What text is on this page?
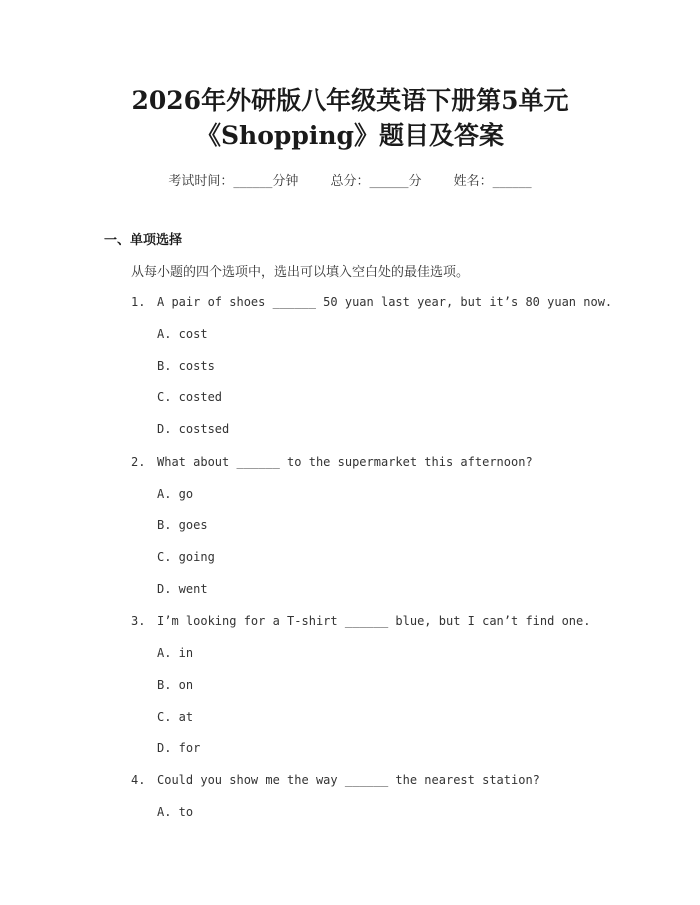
2026年外研版八年级英语下册第5单元
《Shopping》题目及答案
考试时间：______分钟 总分：______分 姓名：______
一、单项选择
从每小题的四个选项中，选出可以填入空白处的最佳选项。
1. A pair of shoes ______ 50 yuan last year, but it’s 80 yuan now.
A. cost
B. costs
C. costed
D. costsed
2. What about ______ to the supermarket this afternoon?
A. go
B. goes
C. going
D. went
3. I’m looking for a T-shirt ______ blue, but I can’t find one.
A. in
B. on
C. at
D. for
4. Could you show me the way ______ the nearest station?
A. to
